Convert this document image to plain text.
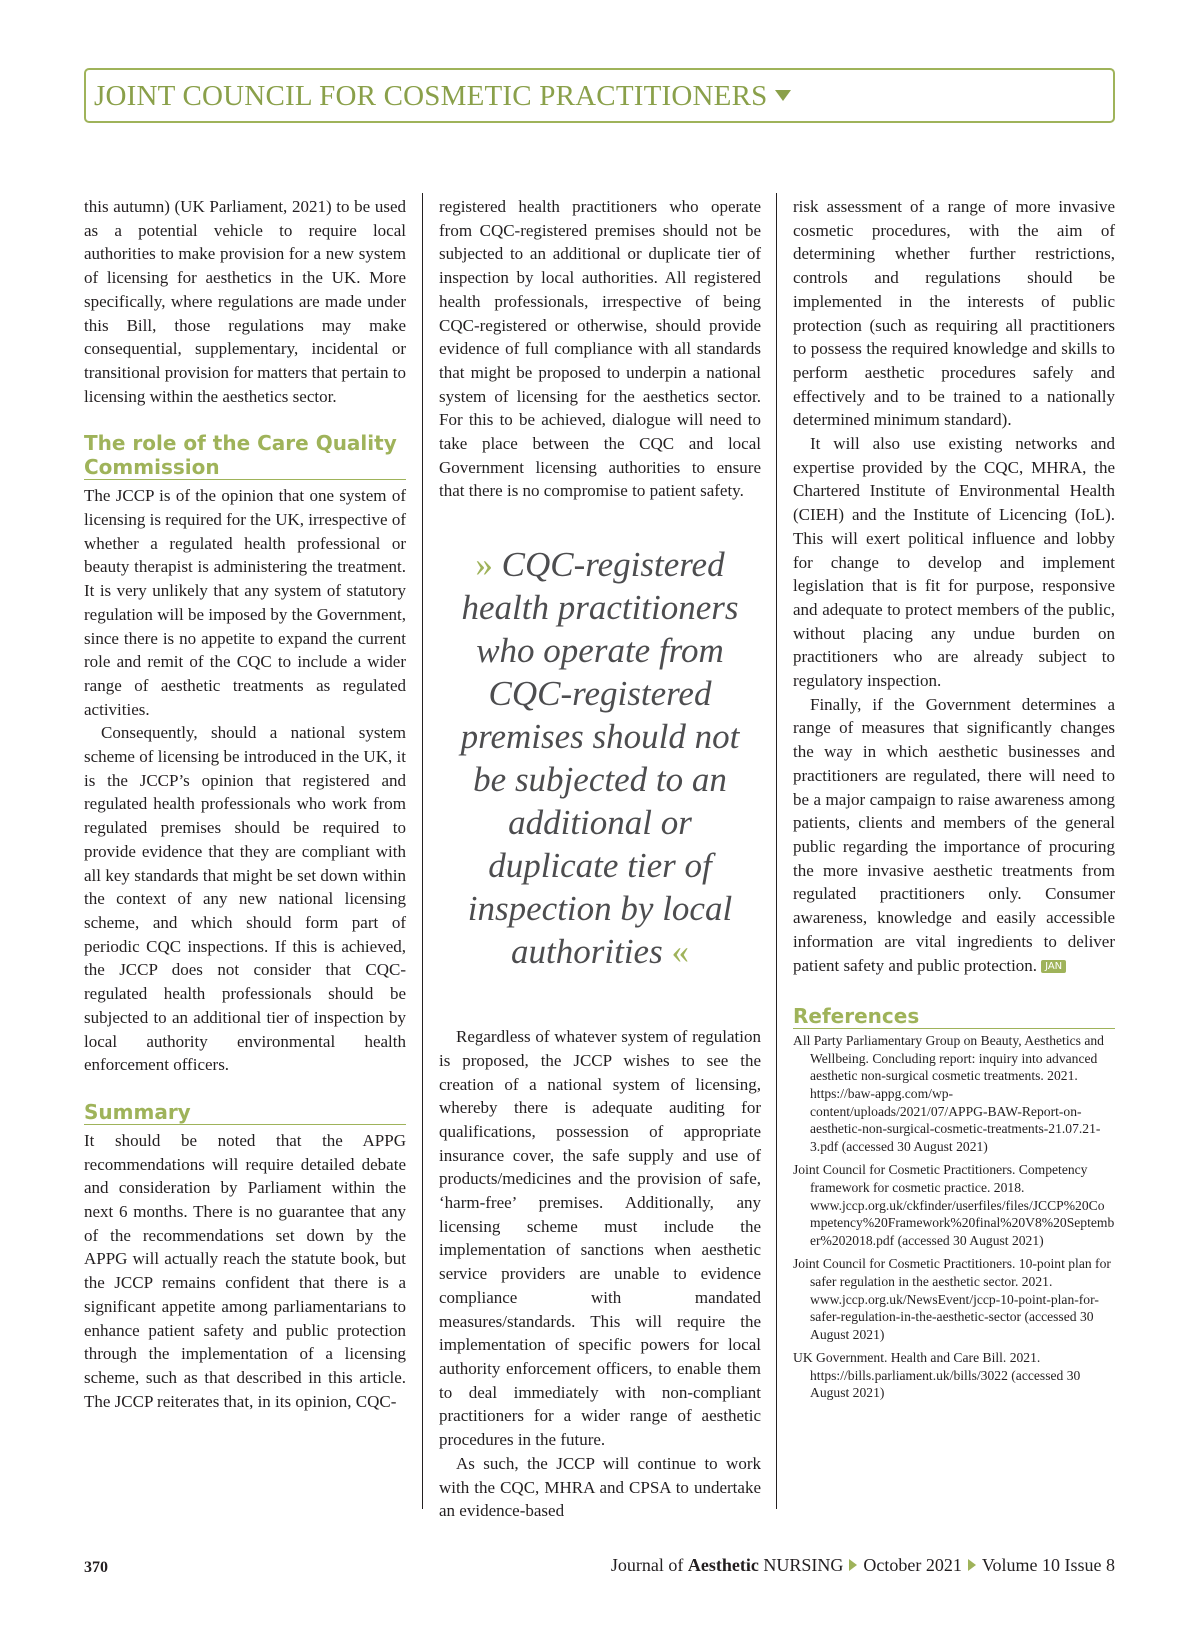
JOINT COUNCIL FOR COSMETIC PRACTITIONERS

this autumn) (UK Parliament, 2021) to be used as a potential vehicle to require local authorities to make provision for a new system of licensing for aesthetics in the UK. More specifically, where regulations are made under this Bill, those regulations may make consequential, supplementary, incidental or transitional provision for matters that pertain to licensing within the aesthetics sector.

The role of the Care Quality Commission

The JCCP is of the opinion that one system of licensing is required for the UK, irrespective of whether a regulated health professional or beauty therapist is administering the treatment. It is very unlikely that any system of statutory regulation will be imposed by the Government, since there is no appetite to expand the current role and remit of the CQC to include a wider range of aesthetic treatments as regulated activities.

Consequently, should a national system scheme of licensing be introduced in the UK, it is the JCCP’s opinion that registered and regulated health professionals who work from regulated premises should be required to provide evidence that they are compliant with all key standards that might be set down within the context of any new national licensing scheme, and which should form part of periodic CQC inspections. If this is achieved, the JCCP does not consider that CQC-regulated health professionals should be subjected to an additional tier of inspection by local authority environmental health enforcement officers.

Summary

It should be noted that the APPG recommendations will require detailed debate and consideration by Parliament within the next 6 months. There is no guarantee that any of the recommendations set down by the APPG will actually reach the statute book, but the JCCP remains confident that there is a significant appetite among parliamentarians to enhance patient safety and public protection through the implementation of a licensing scheme, such as that described in this article. The JCCP reiterates that, in its opinion, CQC-

registered health practitioners who operate from CQC-registered premises should not be subjected to an additional or duplicate tier of inspection by local authorities. All registered health professionals, irrespective of being CQC-registered or otherwise, should provide evidence of full compliance with all standards that might be proposed to underpin a national system of licensing for the aesthetics sector. For this to be achieved, dialogue will need to take place between the CQC and local Government licensing authorities to ensure that there is no compromise to patient safety.

» CQC-registered health practitioners who operate from CQC-registered premises should not be subjected to an additional or duplicate tier of inspection by local authorities «

Regardless of whatever system of regulation is proposed, the JCCP wishes to see the creation of a national system of licensing, whereby there is adequate auditing for qualifications, possession of appropriate insurance cover, the safe supply and use of products/medicines and the provision of safe, ‘harm-free’ premises. Additionally, any licensing scheme must include the implementation of sanctions when aesthetic service providers are unable to evidence compliance with mandated measures/standards. This will require the implementation of specific powers for local authority enforcement officers, to enable them to deal immediately with non-compliant practitioners for a wider range of aesthetic procedures in the future.

As such, the JCCP will continue to work with the CQC, MHRA and CPSA to undertake an evidence-based

risk assessment of a range of more invasive cosmetic procedures, with the aim of determining whether further restrictions, controls and regulations should be implemented in the interests of public protection (such as requiring all practitioners to possess the required knowledge and skills to perform aesthetic procedures safely and effectively and to be trained to a nationally determined minimum standard).

It will also use existing networks and expertise provided by the CQC, MHRA, the Chartered Institute of Environmental Health (CIEH) and the Institute of Licencing (IoL). This will exert political influence and lobby for change to develop and implement legislation that is fit for purpose, responsive and adequate to protect members of the public, without placing any undue burden on practitioners who are already subject to regulatory inspection.

Finally, if the Government determines a range of measures that significantly changes the way in which aesthetic businesses and practitioners are regulated, there will need to be a major campaign to raise awareness among patients, clients and members of the general public regarding the importance of procuring the more invasive aesthetic treatments from regulated practitioners only. Consumer awareness, knowledge and easily accessible information are vital ingredients to deliver patient safety and public protection. JAN

References
All Party Parliamentary Group on Beauty, Aesthetics and Wellbeing. Concluding report: inquiry into advanced aesthetic non-surgical cosmetic treatments. 2021. https://baw-appg.com/wp-content/uploads/2021/07/APPG-BAW-Report-on-aesthetic-non-surgical-cosmetic-treatments-21.07.21-3.pdf (accessed 30 August 2021)
Joint Council for Cosmetic Practitioners. Competency framework for cosmetic practice. 2018. www.jccp.org.uk/ckfinder/userfiles/files/JCCP%20Competency%20Framework%20final%20V8%20September%202018.pdf (accessed 30 August 2021)
Joint Council for Cosmetic Practitioners. 10-point plan for safer regulation in the aesthetic sector. 2021. www.jccp.org.uk/NewsEvent/jccp-10-point-plan-for-safer-regulation-in-the-aesthetic-sector (accessed 30 August 2021)
UK Government. Health and Care Bill. 2021. https://bills.parliament.uk/bills/3022 (accessed 30 August 2021)
370	Journal of Aesthetic NURSING October 2021 Volume 10 Issue 8
